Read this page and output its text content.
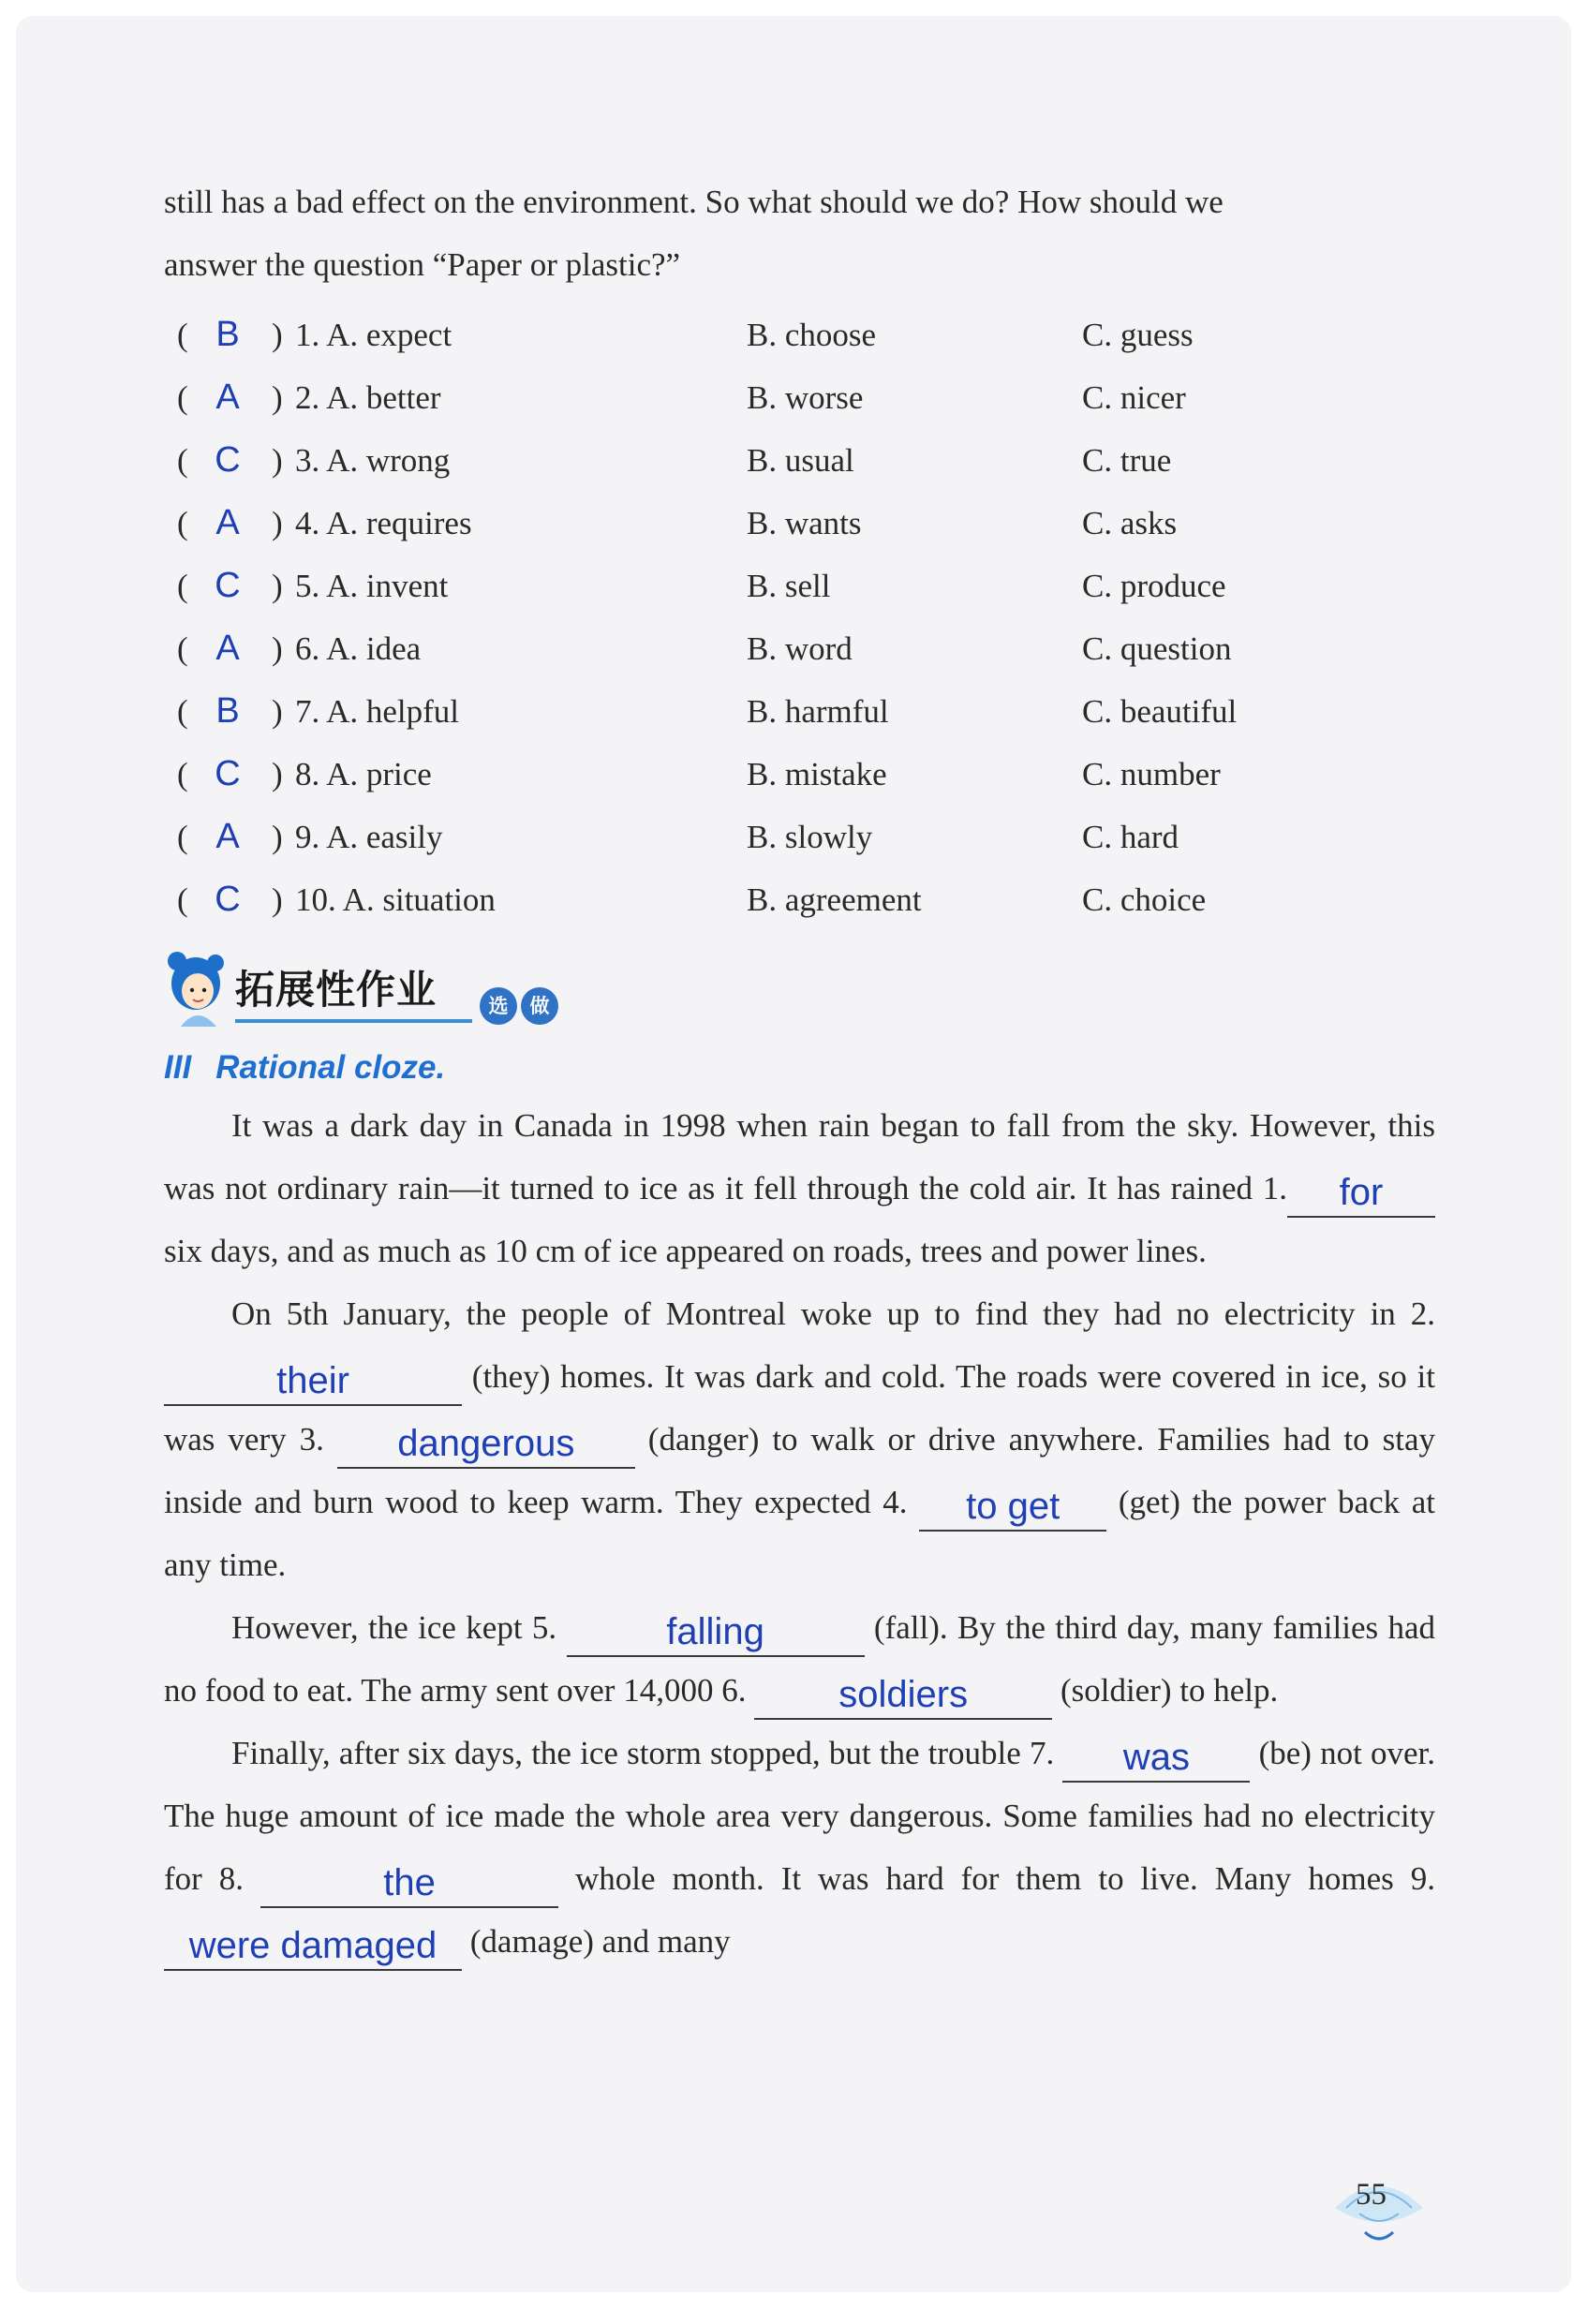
still has a bad effect on the environment. So what should we do? How should we
answer the question “Paper or plastic?”

( B ) 1. A. expect	B. choose	C. guess
( A ) 2. A. better	B. worse	C. nicer
( C ) 3. A. wrong	B. usual	C. true
( A ) 4. A. requires	B. wants	C. asks
( C ) 5. A. invent	B. sell	C. produce
( A ) 6. A. idea	B. word	C. question
( B ) 7. A. helpful	B. harmful	C. beautiful
( C ) 8. A. price	B. mistake	C. number
( A ) 9. A. easily	B. slowly	C. hard
( C ) 10. A. situation	B. agreement	C. choice
拓展性作业	选	做

III Rational cloze.

It was a dark day in Canada in 1998 when rain began to fall from the sky. However, this was not ordinary rain—it turned to ice as it fell through the cold air. It has rained 1. for six days, and as much as 10 cm of ice appeared on roads, trees and power lines.

On 5th January, the people of Montreal woke up to find they had no electricity in 2. their	(they) homes. It was dark and cold. The roads were covered in ice, so it was very 3. dangerous (danger) to walk or drive anywhere. Families had to stay inside and burn wood to keep warm. They expected 4. to get (get) the power back at any time.

However, the ice kept 5.	falling	(fall). By the third day, many families had no food to eat. The army sent over 14,000 6. soldiers	(soldier) to help.

Finally, after six days, the ice storm stopped, but the trouble 7. was (be) not over. The huge amount of ice made the whole area very dangerous. Some families had no electricity for 8.	the	whole month. It was hard for them to live. Many homes 9. were damaged (damage) and many

55
